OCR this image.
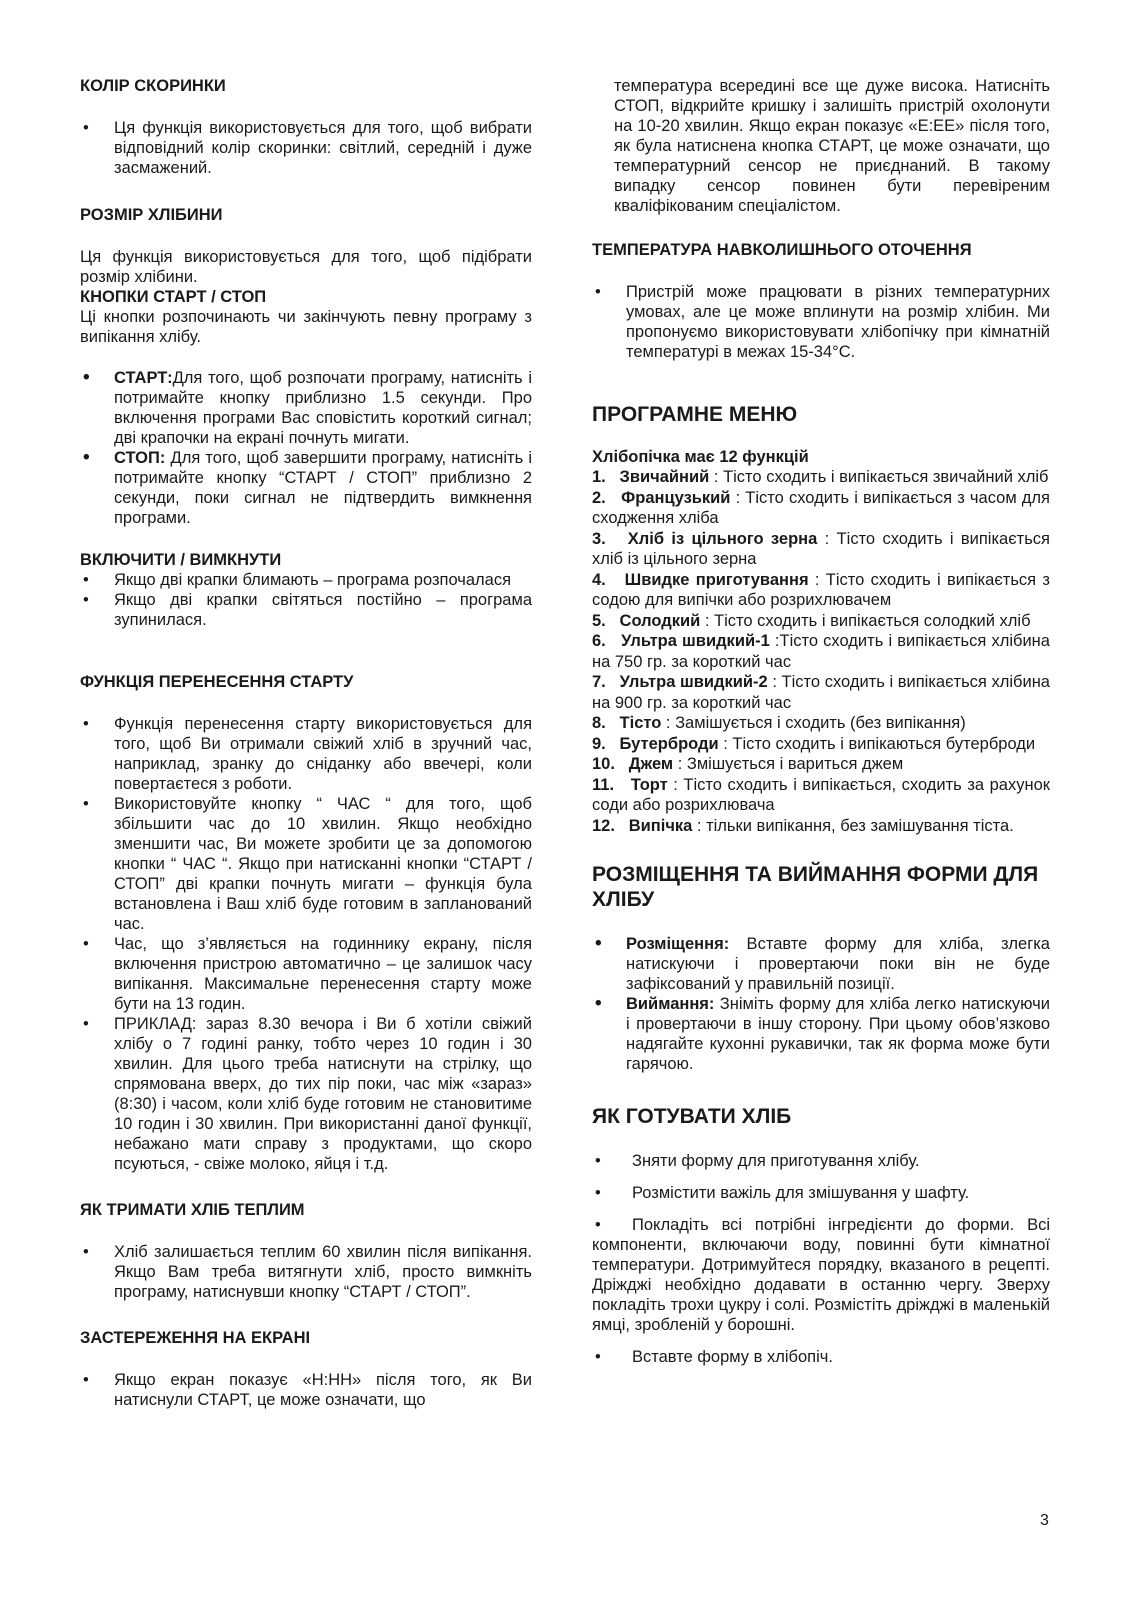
КОЛІР СКОРИНКИ

• Ця функція використовується для того, щоб вибрати відповідний колір скоринки: світлий, середній і дуже засмажений.

РОЗМІР ХЛІБИНИ

Ця функція використовується для того, щоб підібрати розмір хлібини.

КНОПКИ СТАРТ / СТОП

Ці кнопки розпочинають чи закінчують певну програму з випікання хлібу.

• СТАРТ:Для того, щоб розпочати програму, натисніть і потримайте кнопку приблизно 1.5 секунди. Про включення програми Вас сповістить короткий сигнал; дві крапочки на екрані почнуть мигати.

• СТОП: Для того, щоб завершити програму, натисніть і потримайте кнопку “СТАРТ / СТОП” приблизно 2 секунди, поки сигнал не підтвердить вимкнення програми.

ВКЛЮЧИТИ / ВИМКНУТИ

• Якщо дві крапки блимають – програма розпочалася

• Якщо дві крапки світяться постійно – програма зупинилася.

ФУНКЦІЯ ПЕРЕНЕСЕННЯ СТАРТУ

• Функція перенесення старту використовується для того, щоб Ви отримали свіжий хліб в зручний час, наприклад, зранку до сніданку або ввечері, коли повертаєтеся з роботи.

• Використовуйте кнопку “ ЧАС “ для того, щоб збільшити час до 10 хвилин. Якщо необхідно зменшити час, Ви можете зробити це за допомогою кнопки “ ЧАС “. Якщо при натисканні кнопки “СТАРТ / СТОП” дві крапки почнуть мигати – функція була встановлена і Ваш хліб буде готовим в запланований час.

• Час, що з’являється на годиннику екрану, після включення пристрою автоматично – це залишок часу випікання. Максимальне перенесення старту може бути на 13 годин.

• ПРИКЛАД: зараз 8.30 вечора і Ви б хотіли свіжий хлібу о 7 годині ранку, тобто через 10 годин і 30 хвилин. Для цього треба натиснути на стрілку, що спрямована вверх, до тих пір поки, час між «зараз» (8:30) і часом, коли хліб буде готовим не становитиме 10 годин і 30 хвилин. При використанні даної функції, небажано мати справу з продуктами, що скоро псуються, - свіже молоко, яйця і т.д.

ЯК ТРИМАТИ ХЛІБ ТЕПЛИМ

• Хліб залишається теплим 60 хвилин після випікання. Якщо Вам треба витягнути хліб, просто вимкніть програму, натиснувши кнопку “СТАРТ / СТОП”.

ЗАСТЕРЕЖЕННЯ НА ЕКРАНІ

• Якщо екран показує «Н:НН» після того, як Ви натиснули СТАРТ, це може означати, що

температура всередині все ще дуже висока. Натисніть СТОП, відкрийте кришку і залишіть пристрій охолонути на 10-20 хвилин. Якщо екран показує «Е:ЕЕ» після того, як була натиснена кнопка СТАРТ, це може означати, що температурний сенсор не приєднаний. В такому випадку сенсор повинен бути перевіреним кваліфікованим спеціалістом.

ТЕМПЕРАТУРА НАВКОЛИШНЬОГО ОТОЧЕННЯ

• Пристрій може працювати в різних температурних умовах, але це може вплинути на розмір хлібин. Ми пропонуємо використовувати хлібопічку при кімнатній температурі в межах 15-34°C.

ПРОГРАМНЕ МЕНЮ

Хлібопічка має 12 функцій

1. Звичайний : Тісто сходить і випікається звичайний хліб

2. Французький : Тісто сходить і випікається з часом для сходження хліба

3. Хліб із цільного зерна : Тісто сходить і випікається хліб із цільного зерна

4. Швидке приготування : Тісто сходить і випікається з содою для випічки або розрихлювачем

5. Солодкий : Тісто сходить і випікається солодкий хліб

6. Ультра швидкий-1 :Тісто сходить і випікається хлібина на 750 гр. за короткий час

7. Ультра швидкий-2 : Тісто сходить і випікається хлібина на 900 гр. за короткий час

8. Тісто : Замішується і сходить (без випікання)

9. Бутерброди : Тісто сходить і випікаються бутерброди

10. Джем : Змішується і вариться джем

11. Торт : Тісто сходить і випікається, сходить за рахунок соди або розрихлювача

12. Випічка : тільки випікання, без замішування тіста.

РОЗМІЩЕННЯ ТА ВИЙМАННЯ ФОРМИ ДЛЯ ХЛІБУ

• Розміщення: Вставте форму для хліба, злегка натискуючи і провертаючи поки він не буде зафіксований у правильній позиції.

• Виймання: Зніміть форму для хліба легко натискуючи і провертаючи в іншу сторону. При цьому обов’язково надягайте кухонні рукавички, так як форма може бути гарячою.

ЯК ГОТУВАТИ ХЛІБ

• Зняти форму для приготування хлібу.

• Розмістити важіль для змішування у шафту.

• Покладіть всі потрібні інгредієнти до форми. Всі компоненти, включаючи воду, повинні бути кімнатної температури. Дотримуйтеся порядку, вказаного в рецепті. Дріжджі необхідно додавати в останню чергу. Зверху покладіть трохи цукру і солі. Розмістіть дріжджі в маленькій ямці, зробленій у борошні.

• Вставте форму в хлібопіч.

3
